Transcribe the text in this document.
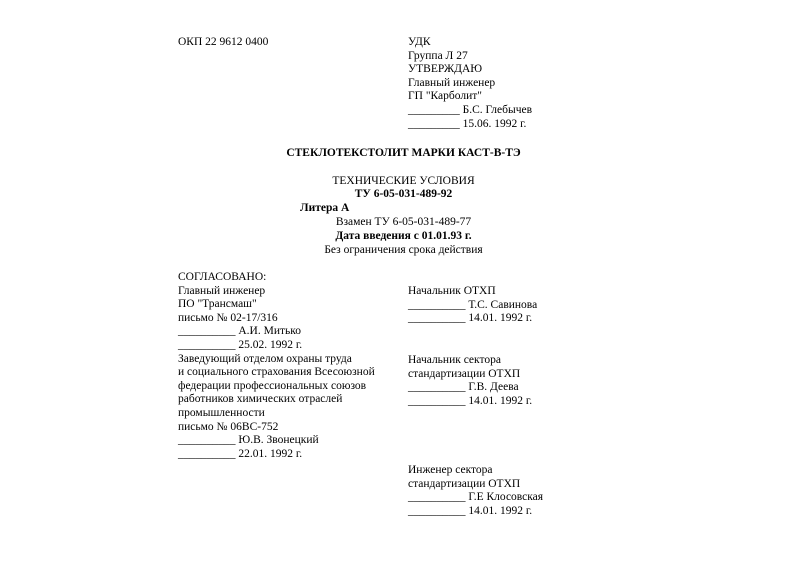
ОКП 22 9612 0400	УДК
Группа Л 27
УТВЕРЖДАЮ
Главный инженер
ГП "Карболит"
_________ Б.С. Глебычев
_________ 15.06. 1992 г.
СТЕКЛОТЕКСТОЛИТ МАРКИ КАСТ-В-ТЭ
ТЕХНИЧЕСКИЕ УСЛОВИЯ
ТУ 6-05-031-489-92
Литера А
Взамен ТУ 6-05-031-489-77
Дата введения с 01.01.93 г.
Без ограничения срока действия
СОГЛАСОВАНО:
Главный инженер
ПО "Трансмаш"
письмо № 02-17/316
__________ А.И. Митько
__________ 25.02. 1992 г.
Заведующий отделом охраны труда
и социального страхования Всесоюзной
федерации профессиональных союзов
работников химических отраслей
промышленности
письмо № 06ВС-752
__________ Ю.В. Звонецкий
__________ 22.01. 1992 г.
Начальник ОТХП
__________ Т.С. Савинова
__________ 14.01. 1992 г.
Начальник сектора
стандартизации ОТХП
__________ Г.В. Деева
__________ 14.01. 1992 г.
Инженер сектора
стандартизации ОТХП
__________ Г.Е Клосовская
__________ 14.01. 1992 г.
